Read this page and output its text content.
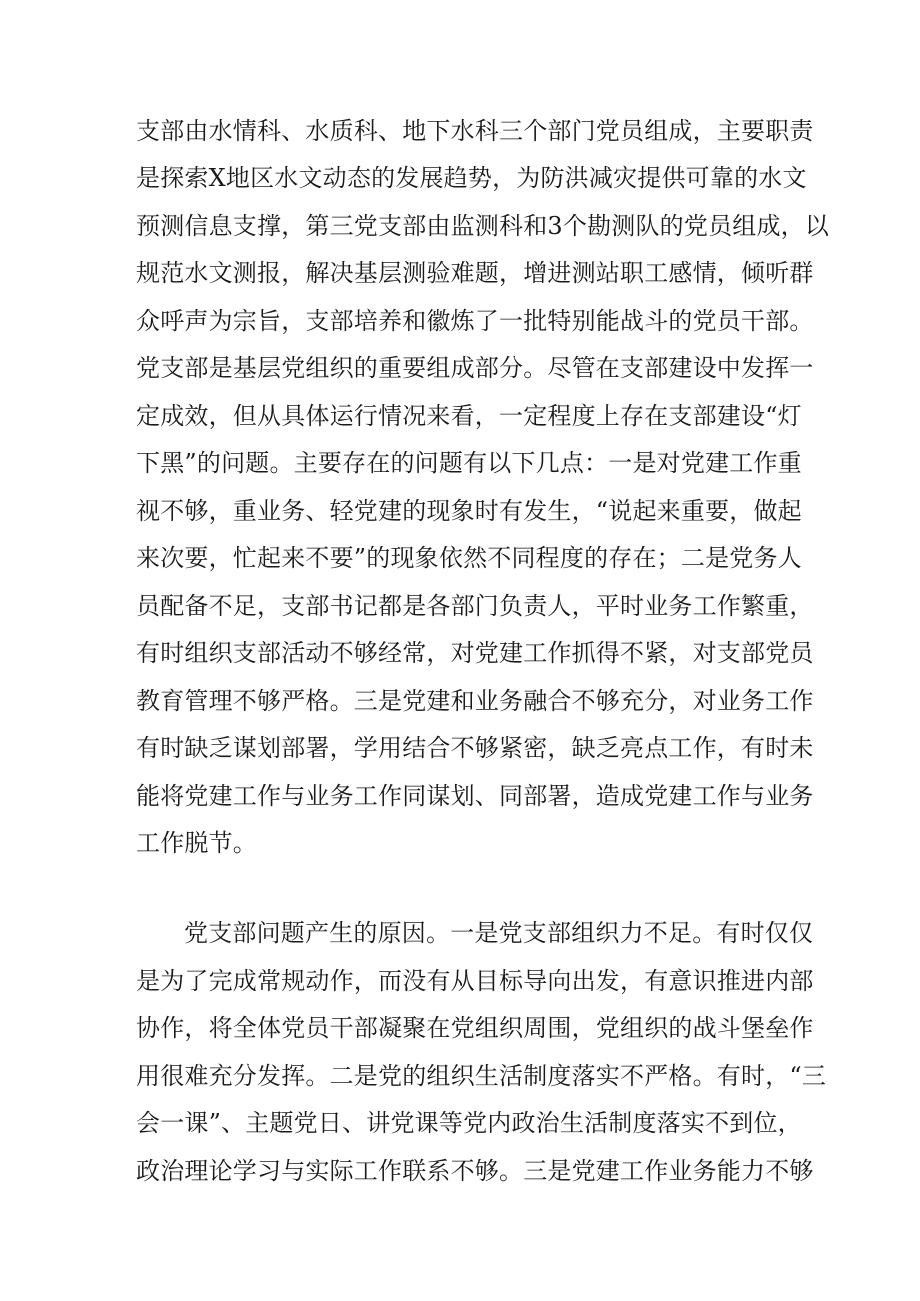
支部由水情科、水质科、地下水科三个部门党员组成，主要职责
是探索X地区水文动态的发展趋势，为防洪减灾提供可靠的水文
预测信息支撑，第三党支部由监测科和3个勘测队的党员组成，以
规范水文测报，解决基层测验难题，增进测站职工感情，倾听群
众呼声为宗旨，支部培养和徽炼了一批特别能战斗的党员干部。
党支部是基层党组织的重要组成部分。尽管在支部建设中发挥一
定成效，但从具体运行情况来看，一定程度上存在支部建设“灯
下黑”的问题。主要存在的问题有以下几点：一是对党建工作重
视不够，重业务、轻党建的现象时有发生，“说起来重要，做起
来次要，忙起来不要”的现象依然不同程度的存在；二是党务人
员配备不足，支部书记都是各部门负责人，平时业务工作繁重，
有时组织支部活动不够经常，对党建工作抓得不紧，对支部党员
教育管理不够严格。三是党建和业务融合不够充分，对业务工作
有时缺乏谋划部署，学用结合不够紧密，缺乏亮点工作，有时未
能将党建工作与业务工作同谋划、同部署，造成党建工作与业务
工作脱节。
党支部问题产生的原因。一是党支部组织力不足。有时仅仅
是为了完成常规动作，而没有从目标导向出发，有意识推进内部
协作，将全体党员干部凝聚在党组织周围，党组织的战斗堡垒作
用很难充分发挥。二是党的组织生活制度落实不严格。有时，“三
会一课”、主题党日、讲党课等党内政治生活制度落实不到位，
政治理论学习与实际工作联系不够。三是党建工作业务能力不够
